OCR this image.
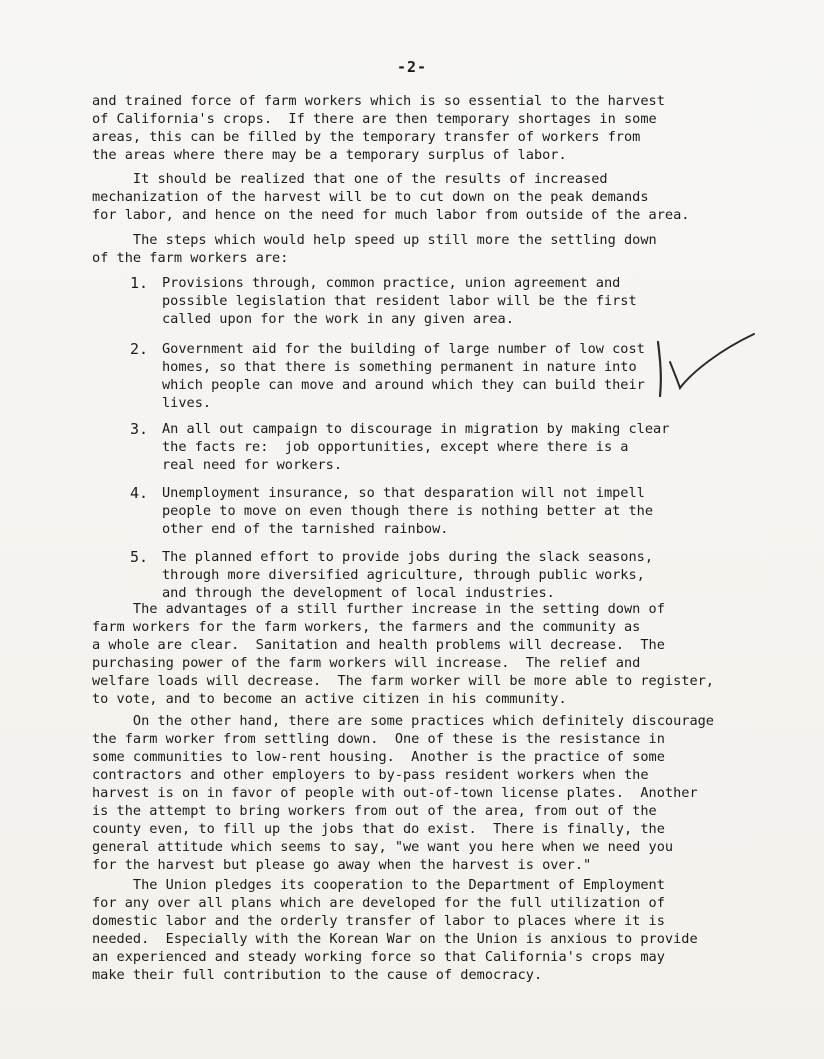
-2-

and trained force of farm workers which is so essential to the harvest
of California's crops.  If there are then temporary shortages in some
areas, this can be filled by the temporary transfer of workers from
the areas where there may be a temporary surplus of labor.

It should be realized that one of the results of increased
mechanization of the harvest will be to cut down on the peak demands
for labor, and hence on the need for much labor from outside of the area.

The steps which would help speed up still more the settling down
of the farm workers are:

1. Provisions through, common practice, union agreement and
possible legislation that resident labor will be the first
called upon for the work in any given area.

2. Government aid for the building of large number of low cost
homes, so that there is something permanent in nature into
which people can move and around which they can build their
lives.

3. An all out campaign to discourage in migration by making clear
the facts re:  job opportunities, except where there is a
real need for workers.

4. Unemployment insurance, so that desparation will not impell
people to move on even though there is nothing better at the
other end of the tarnished rainbow.

5. The planned effort to provide jobs during the slack seasons,
through more diversified agriculture, through public works,
and through the development of local industries.

The advantages of a still further increase in the setting down of
farm workers for the farm workers, the farmers and the community as
a whole are clear.  Sanitation and health problems will decrease.  The
purchasing power of the farm workers will increase.  The relief and
welfare loads will decrease.  The farm worker will be more able to register,
to vote, and to become an active citizen in his community.

On the other hand, there are some practices which definitely discourage
the farm worker from settling down.  One of these is the resistance in
some communities to low-rent housing.  Another is the practice of some
contractors and other employers to by-pass resident workers when the
harvest is on in favor of people with out-of-town license plates.  Another
is the attempt to bring workers from out of the area, from out of the
county even, to fill up the jobs that do exist.  There is finally, the
general attitude which seems to say, "we want you here when we need you
for the harvest but please go away when the harvest is over."

The Union pledges its cooperation to the Department of Employment
for any over all plans which are developed for the full utilization of
domestic labor and the orderly transfer of labor to places where it is
needed.  Especially with the Korean War on the Union is anxious to provide
an experienced and steady working force so that California's crops may
make their full contribution to the cause of democracy.
